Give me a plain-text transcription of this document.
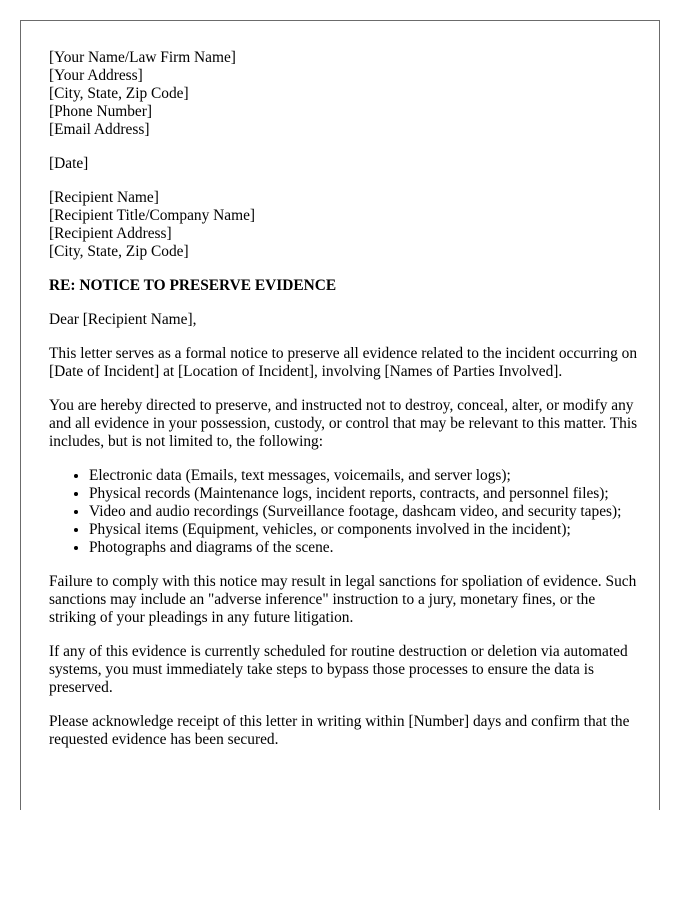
[Your Name/Law Firm Name]
[Your Address]
[City, State, Zip Code]
[Phone Number]
[Email Address]
[Date]
[Recipient Name]
[Recipient Title/Company Name]
[Recipient Address]
[City, State, Zip Code]
RE: NOTICE TO PRESERVE EVIDENCE

Dear [Recipient Name],

This letter serves as a formal notice to preserve all evidence related to the incident occurring on [Date of Incident] at [Location of Incident], involving [Names of Parties Involved].

You are hereby directed to preserve, and instructed not to destroy, conceal, alter, or modify any and all evidence in your possession, custody, or control that may be relevant to this matter. This includes, but is not limited to, the following:

• Electronic data (Emails, text messages, voicemails, and server logs);
• Physical records (Maintenance logs, incident reports, contracts, and personnel files);
• Video and audio recordings (Surveillance footage, dashcam video, and security tapes);
• Physical items (Equipment, vehicles, or components involved in the incident);
• Photographs and diagrams of the scene.

Failure to comply with this notice may result in legal sanctions for spoliation of evidence. Such sanctions may include an "adverse inference" instruction to a jury, monetary fines, or the striking of your pleadings in any future litigation.

If any of this evidence is currently scheduled for routine destruction or deletion via automated systems, you must immediately take steps to bypass those processes to ensure the data is preserved.

Please acknowledge receipt of this letter in writing within [Number] days and confirm that the requested evidence has been secured.
